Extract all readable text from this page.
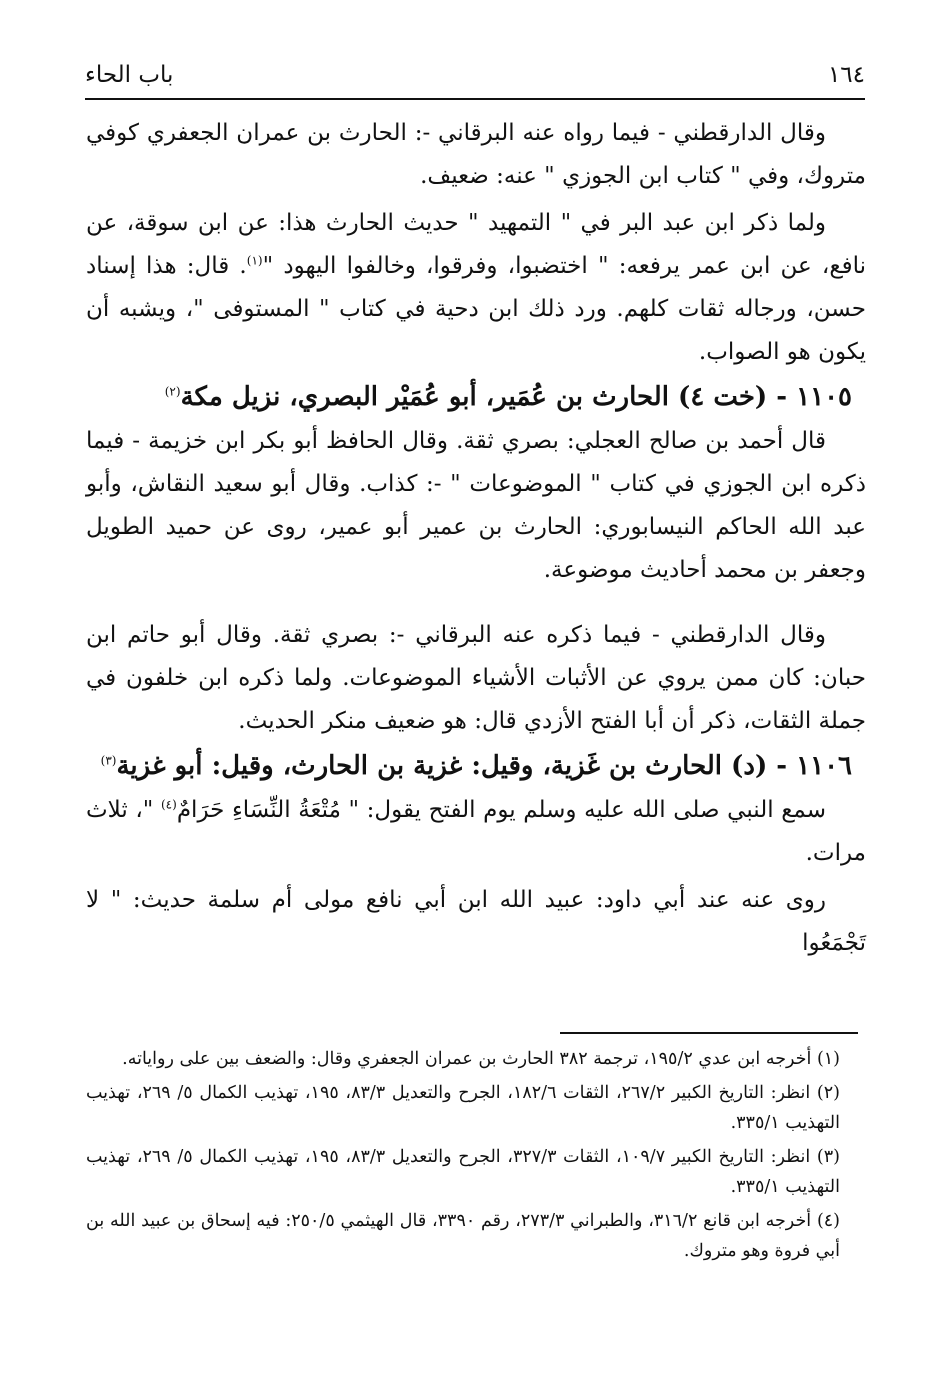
١٦٤
باب الحاء

وقال الدارقطني - فيما رواه عنه البرقاني -: الحارث بن عمران الجعفري كوفي متروك، وفي " كتاب ابن الجوزي " عنه: ضعيف.

ولما ذكر ابن عبد البر في " التمهيد " حديث الحارث هذا: عن ابن سوقة، عن نافع، عن ابن عمر يرفعه: " اختضبوا، وفرقوا، وخالفوا اليهود "$^{(١)}$. قال: هذا إسناد حسن، ورجاله ثقات كلهم. ورد ذلك ابن دحية في كتاب " المستوفى "، ويشبه أن يكون هو الصواب.

١١٠٥ - (خت ٤) الحارث بن عُمَير، أبو عُمَيْر البصري، نزيل مكة$^{(٢)}$

قال أحمد بن صالح العجلي: بصري ثقة. وقال الحافظ أبو بكر ابن خزيمة - فيما ذكره ابن الجوزي في كتاب " الموضوعات " -: كذاب. وقال أبو سعيد النقاش، وأبو عبد الله الحاكم النيسابوري: الحارث بن عمير أبو عمير، روى عن حميد الطويل وجعفر بن محمد أحاديث موضوعة.

وقال الدارقطني - فيما ذكره عنه البرقاني -: بصري ثقة. وقال أبو حاتم ابن حبان: كان ممن يروي عن الأثبات الأشياء الموضوعات. ولما ذكره ابن خلفون في جملة الثقات، ذكر أن أبا الفتح الأزدي قال: هو ضعيف منكر الحديث.

١١٠٦ - (د) الحارث بن غَزية، وقيل: غزية بن الحارث، وقيل: أبو غزية$^{(٣)}$

سمع النبي صلى الله عليه وسلم يوم الفتح يقول: " مُتْعَةُ النِّسَاءِ حَرَامٌ$^{(٤)}$ "، ثلاث مرات.

روى عنه عند أبي داود: عبيد الله ابن أبي نافع مولى أم سلمة حديث: " لا تَجْمَعُوا

(١) أخرجه ابن عدي ١٩٥/٢، ترجمة ٣٨٢ الحارث بن عمران الجعفري وقال: والضعف بين على رواياته.
(٢) انظر: التاريخ الكبير ٢٦٧/٢، الثقات ١٨٢/٦، الجرح والتعديل ٨٣/٣، ١٩٥، تهذيب الكمال ٥/ ٢٦٩، تهذيب التهذيب ٣٣٥/١.
(٣) انظر: التاريخ الكبير ١٠٩/٧، الثقات ٣٢٧/٣، الجرح والتعديل ٨٣/٣، ١٩٥، تهذيب الكمال ٥/ ٢٦٩، تهذيب التهذيب ٣٣٥/١.
(٤) أخرجه ابن قانع ٣١٦/٢، والطبراني ٢٧٣/٣، رقم ٣٣٩٠، قال الهيثمي ٢٥٠/٥: فيه إسحاق بن عبيد الله بن أبي فروة وهو متروك.
